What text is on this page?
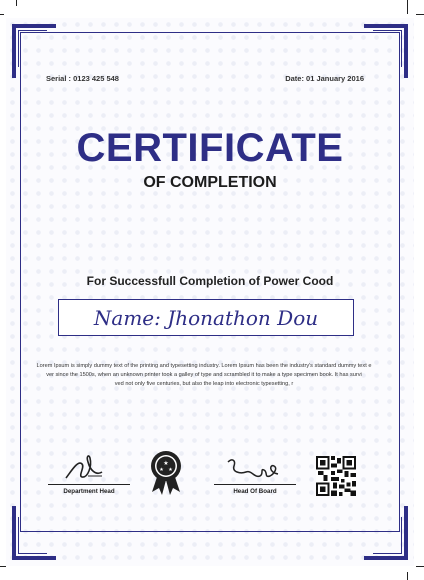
Serial : 0123 425 548	Date: 01 January 2016
CERTIFICATE
OF COMPLETION
For Successfull Completion of Power Cood
Name: Jhonathon Dou
Lorem Ipsum is simply dummy text of the printing and typesetting industry. Lorem Ipsum has been the industry's standard dummy text e
ver since the 1500s, when an unknown printer took a galley of type and scrambled it to make a type specimen book. It has survi
ved not only five centuries, but also the leap into electronic typesetting, r
Department Head
★
★ ★
Head Of Board
